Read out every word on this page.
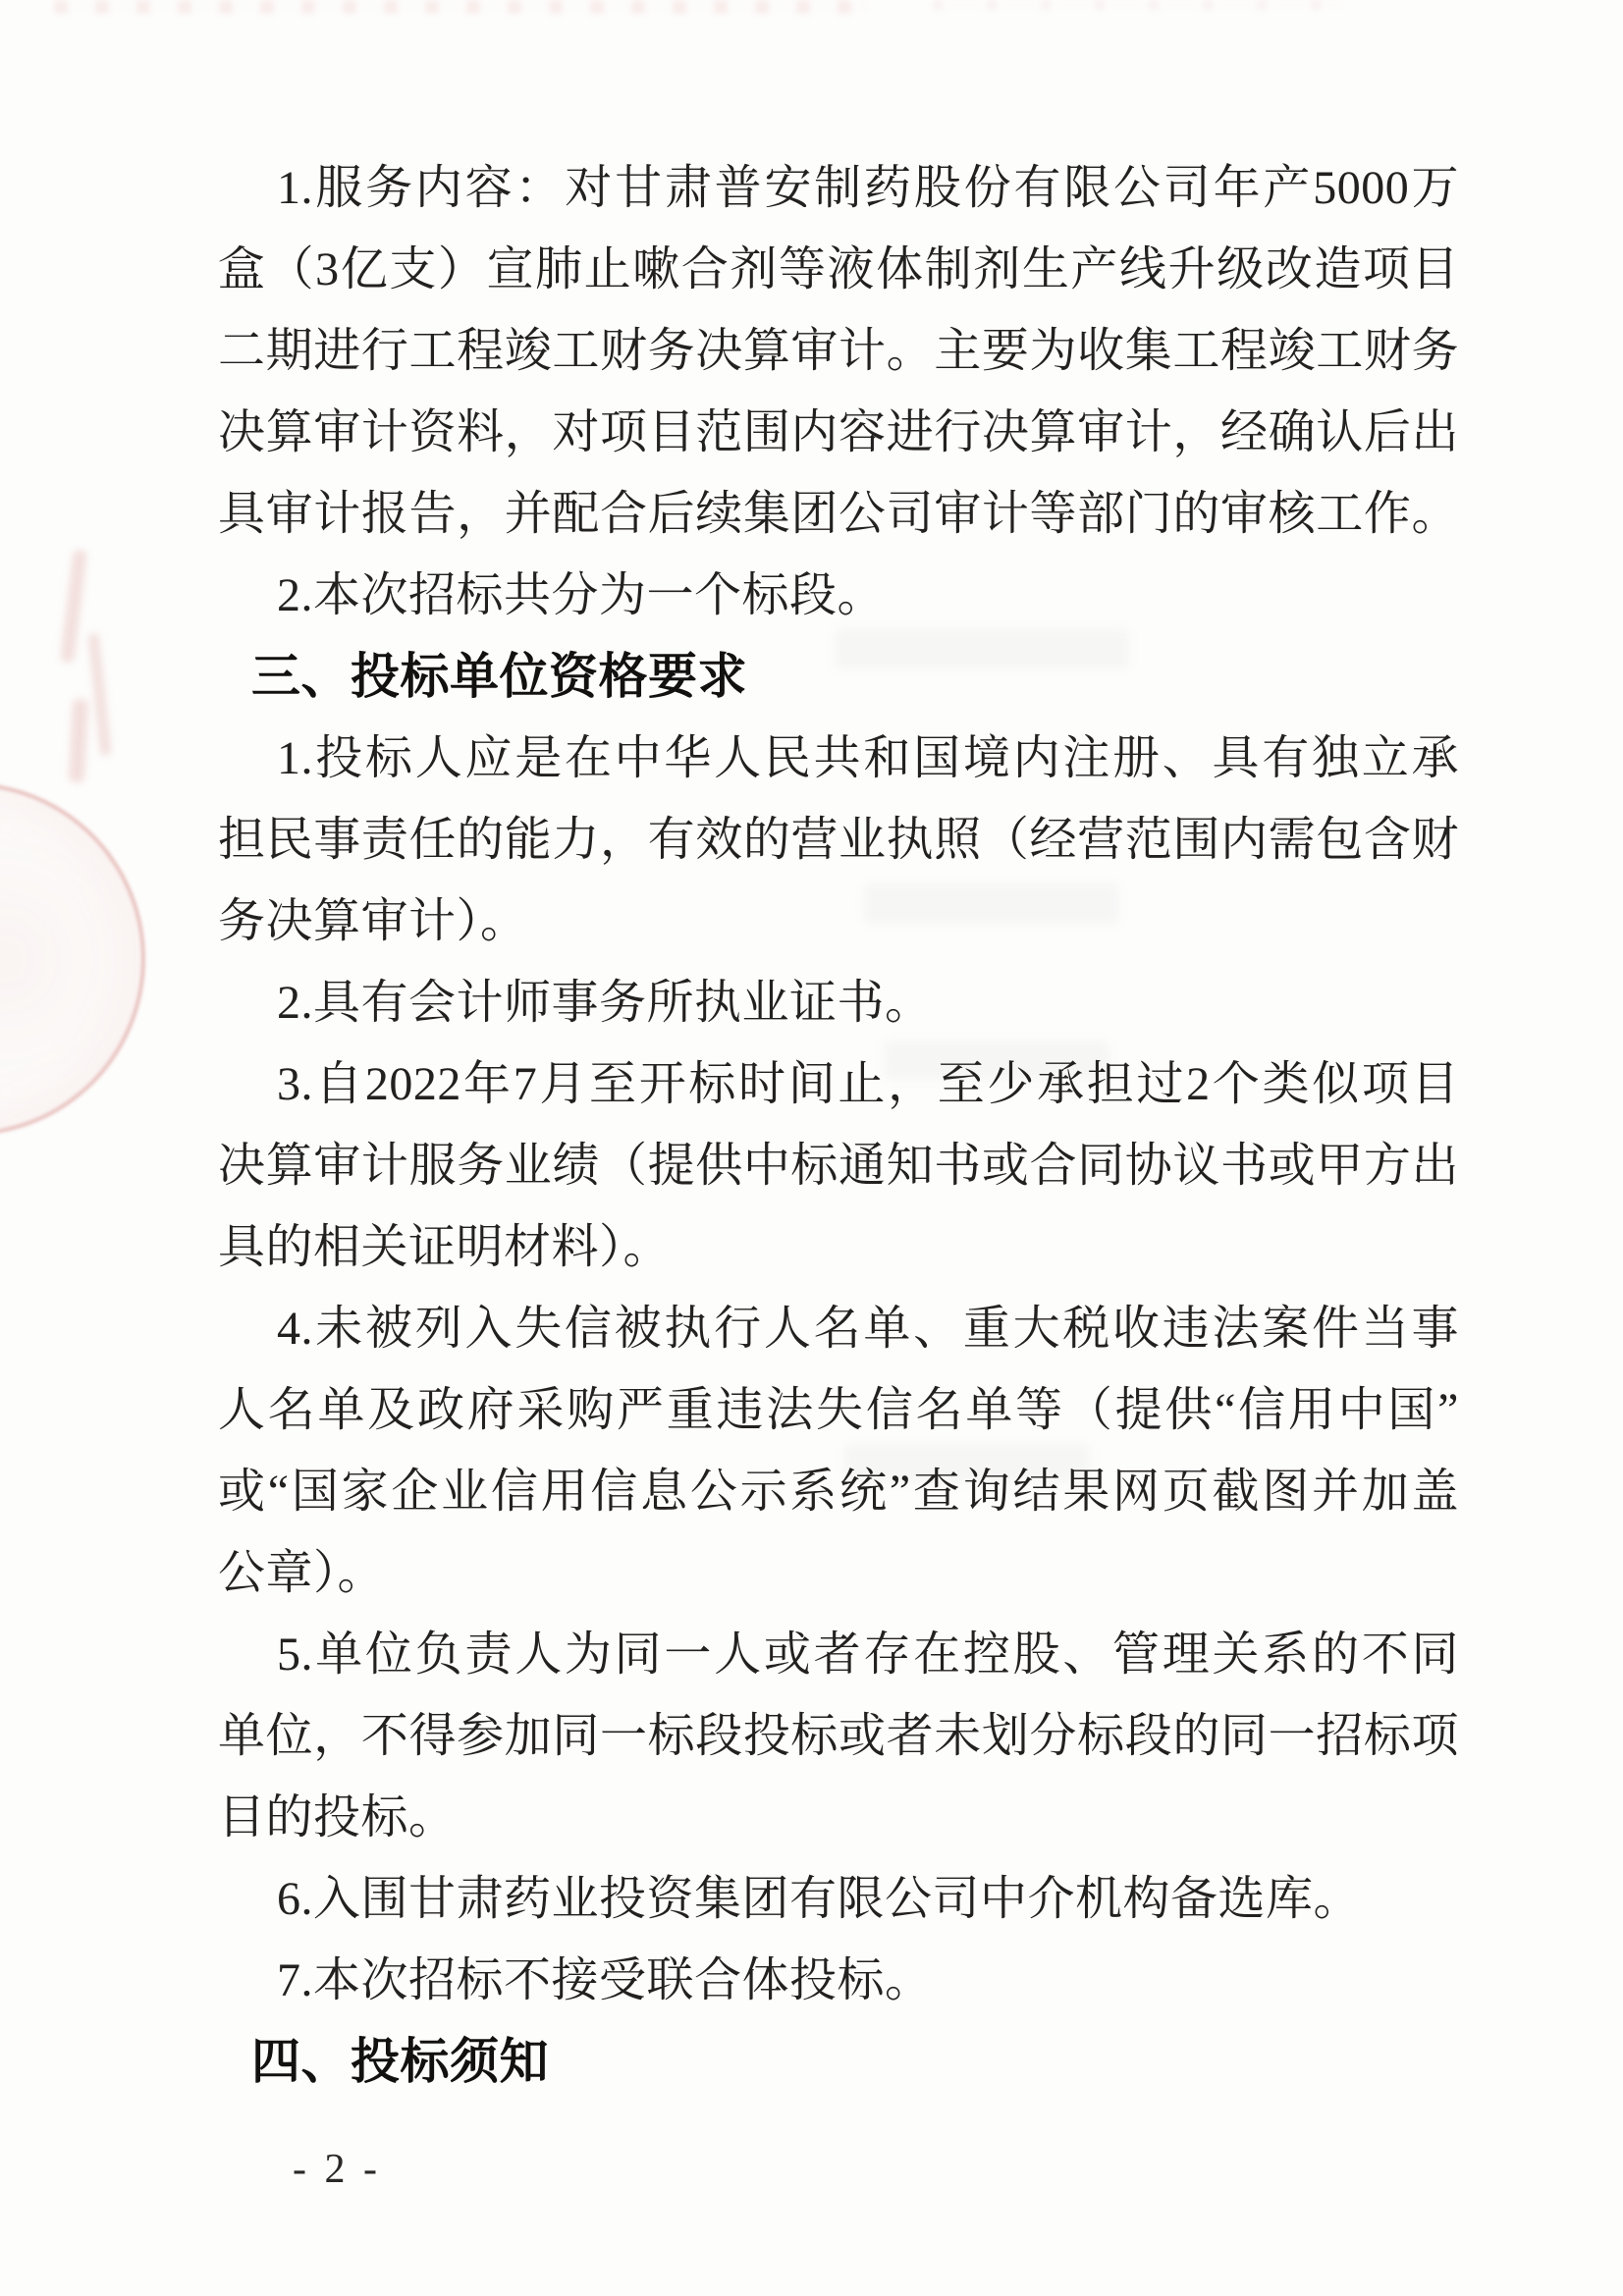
1.服务内容：对甘肃普安制药股份有限公司年产5000万
盒（3亿支）宣肺止嗽合剂等液体制剂生产线升级改造项目
二期进行工程竣工财务决算审计。主要为收集工程竣工财务
决算审计资料，对项目范围内容进行决算审计，经确认后出
具审计报告，并配合后续集团公司审计等部门的审核工作。
2.本次招标共分为一个标段。
三、投标单位资格要求
1.投标人应是在中华人民共和国境内注册、具有独立承
担民事责任的能力，有效的营业执照（经营范围内需包含财
务决算审计）。
2.具有会计师事务所执业证书。
3.自2022年7月至开标时间止，至少承担过2个类似项目
决算审计服务业绩（提供中标通知书或合同协议书或甲方出
具的相关证明材料）。
4.未被列入失信被执行人名单、重大税收违法案件当事
人名单及政府采购严重违法失信名单等（提供“信用中国”
或“国家企业信用信息公示系统”查询结果网页截图并加盖
公章）。
5.单位负责人为同一人或者存在控股、管理关系的不同
单位，不得参加同一标段投标或者未划分标段的同一招标项
目的投标。
6.入围甘肃药业投资集团有限公司中介机构备选库。
7.本次招标不接受联合体投标。
四、投标须知
- 2 -
